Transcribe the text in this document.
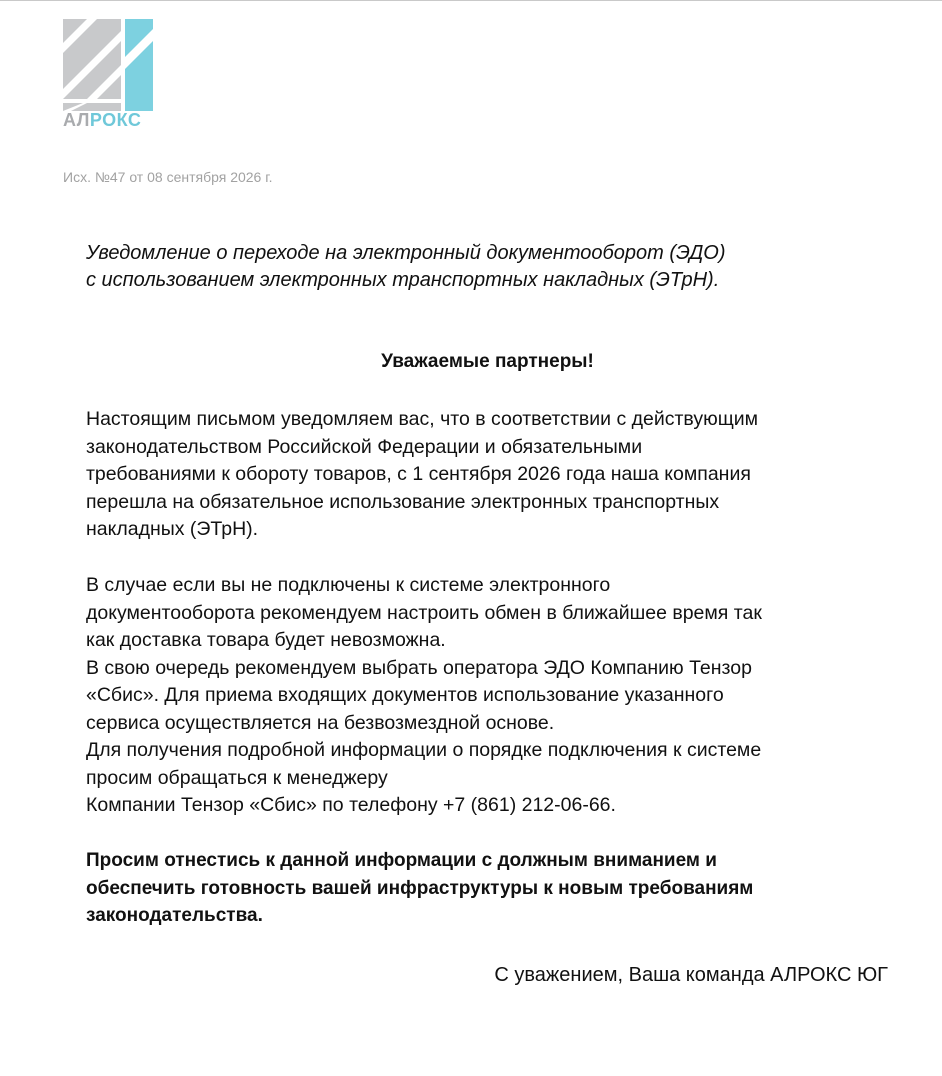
АЛРОКС
Исх. №47 от 08 сентября 2026 г.
Уведомление о переходе на электронный документооборот (ЭДО)
с использованием электронных транспортных накладных (ЭТрН).
Уважаемые партнеры!
Настоящим письмом уведомляем вас, что в соответствии с действующим
законодательством Российской Федерации и обязательными
требованиями к обороту товаров, с 1 сентября 2026 года наша компания
перешла на обязательное использование электронных транспортных
накладных (ЭТрН).
В случае если вы не подключены к системе электронного
документооборота рекомендуем настроить обмен в ближайшее время так
как доставка товара будет невозможна.
В свою очередь рекомендуем выбрать оператора ЭДО Компанию Тензор
«Сбис». Для приема входящих документов использование указанного
сервиса осуществляется на безвозмездной основе.
Для получения подробной информации о порядке подключения к системе
просим обращаться к менеджеру
Компании Тензор «Сбис» по телефону +7 (861) 212-06-66.
Просим отнестись к данной информации с должным вниманием и
обеспечить готовность вашей инфраструктуры к новым требованиям
законодательства.
С уважением, Ваша команда АЛРОКС ЮГ
